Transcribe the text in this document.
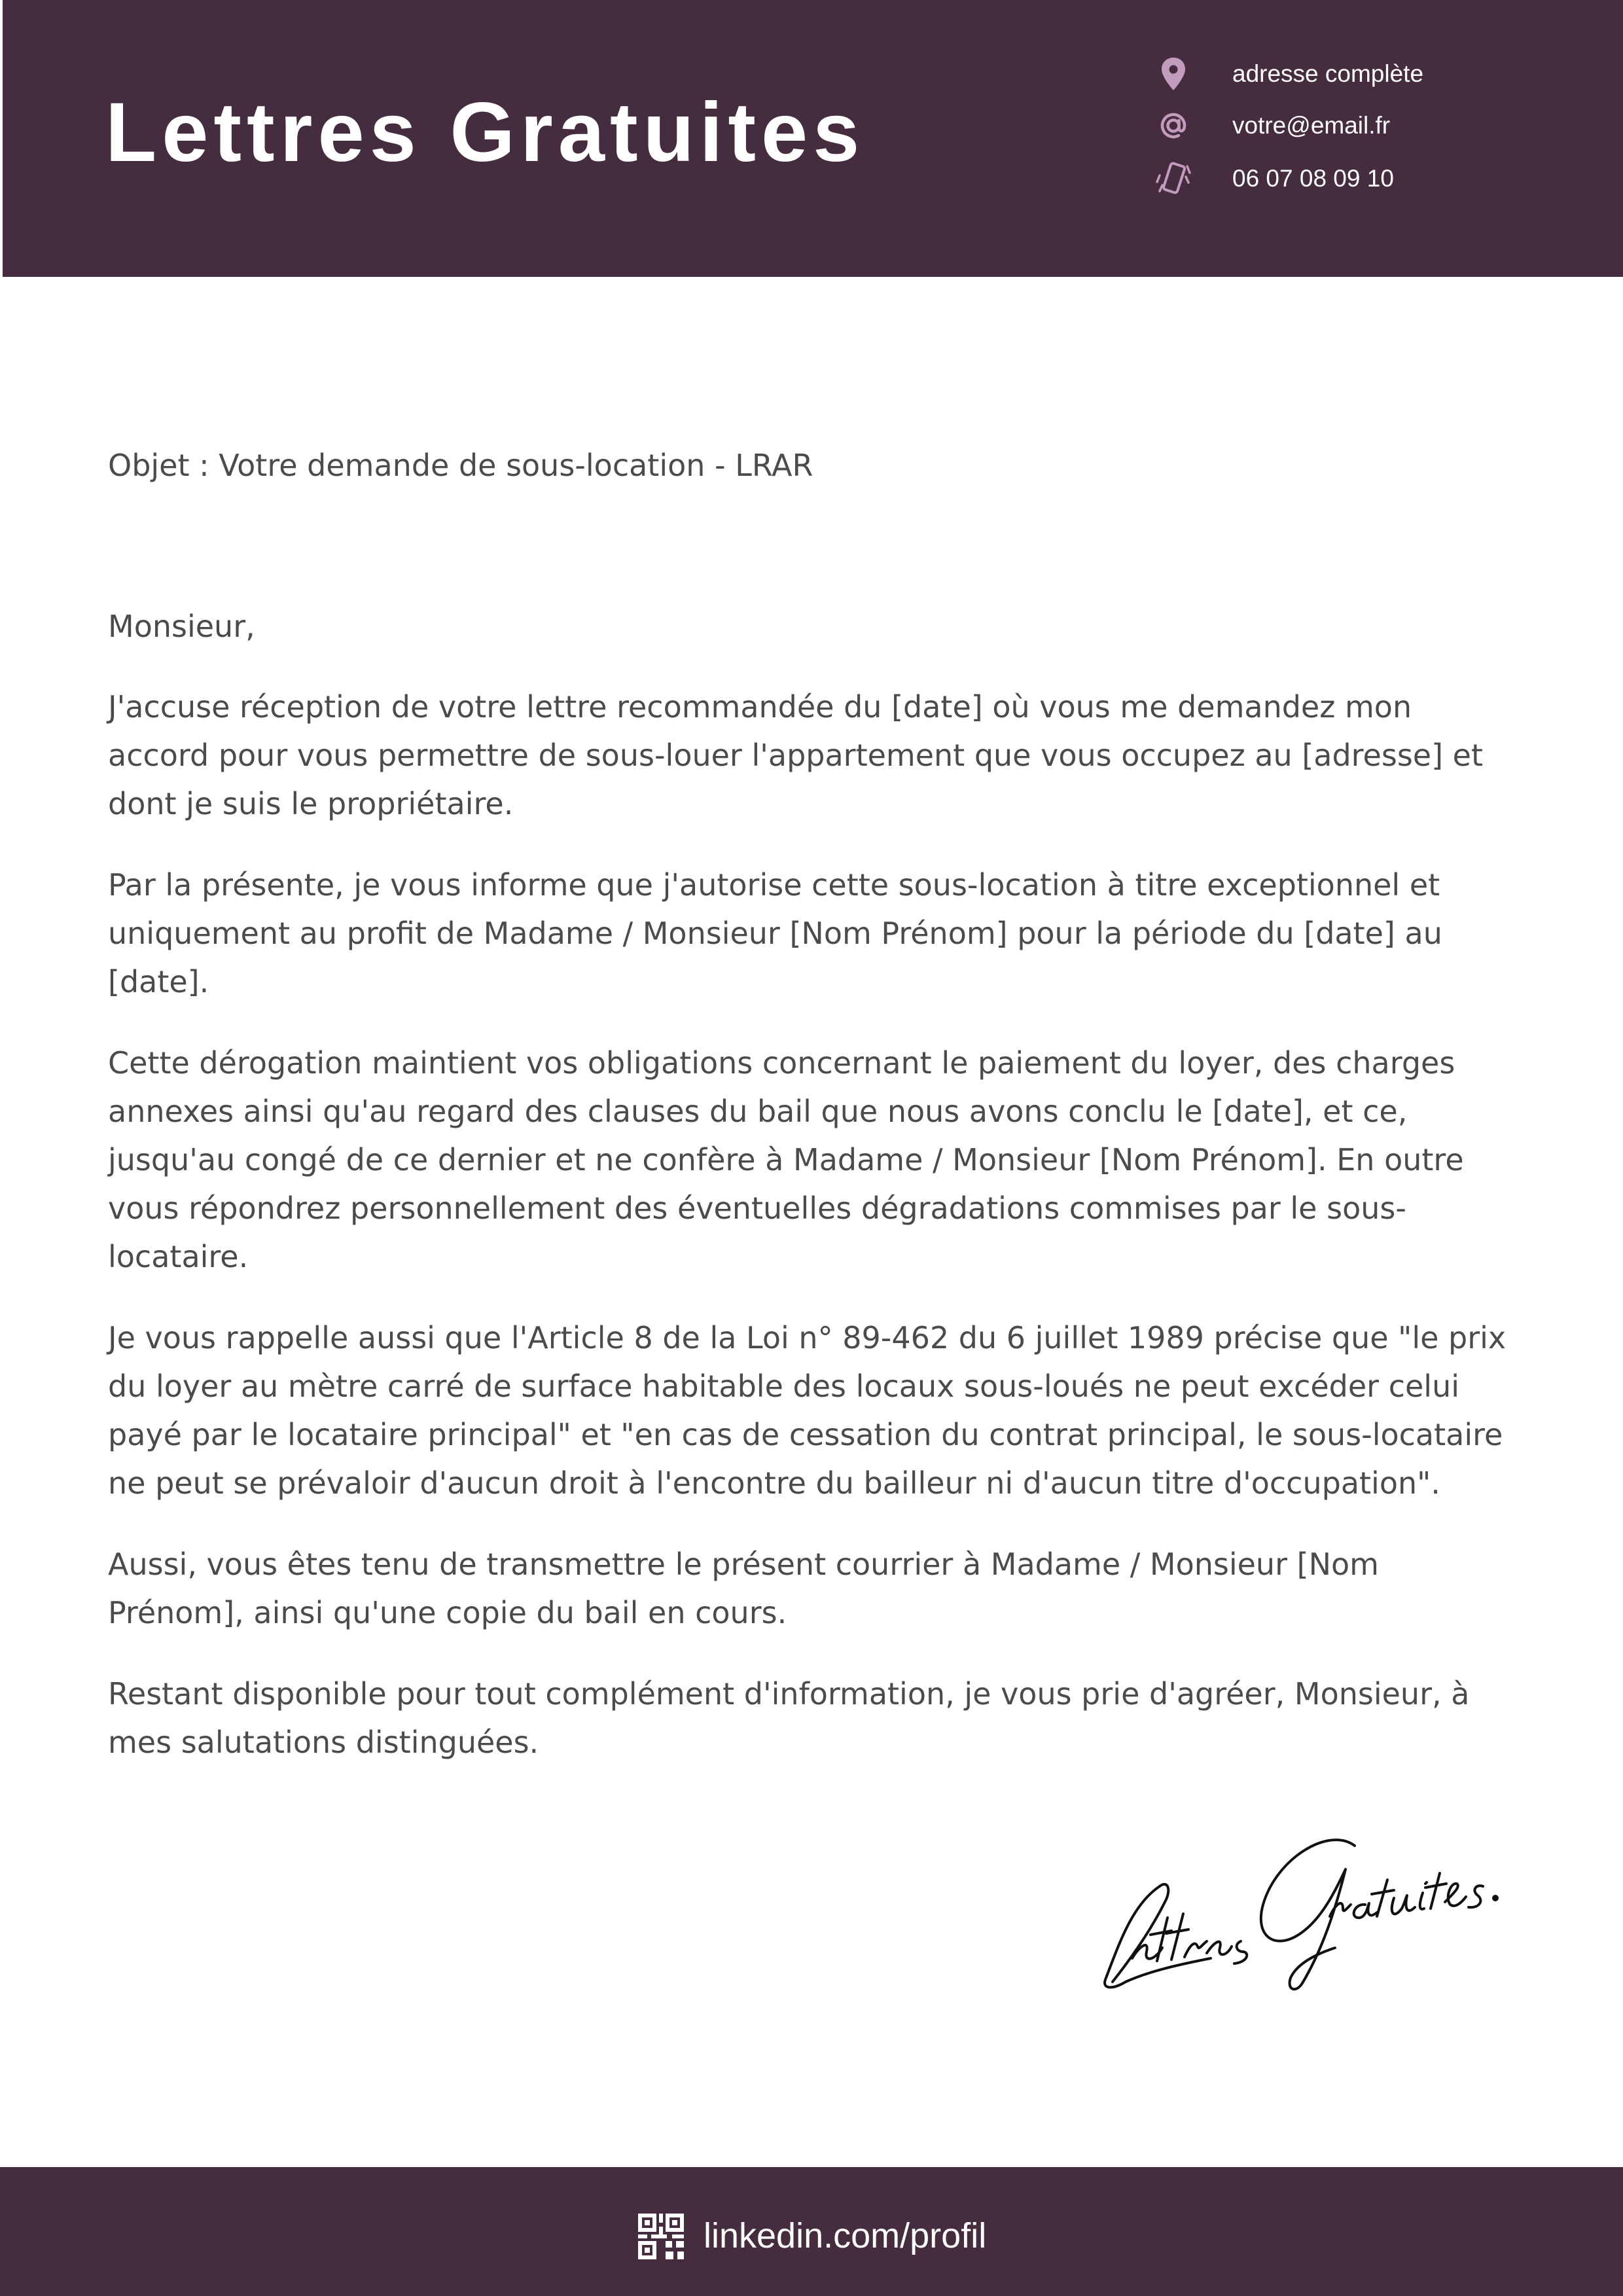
Lettres Gratuites
adresse complète
votre@email.fr
06 07 08 09 10
Objet : Votre demande de sous-location - LRAR
Monsieur,

J'accuse réception de votre lettre recommandée du [date] où vous me demandez mon accord pour vous permettre de sous-louer l'appartement que vous occupez au [adresse] et dont je suis le propriétaire.

Par la présente, je vous informe que j'autorise cette sous-location à titre exceptionnel et uniquement au profit de Madame / Monsieur [Nom Prénom] pour la période du [date] au [date].

Cette dérogation maintient vos obligations concernant le paiement du loyer, des charges annexes ainsi qu'au regard des clauses du bail que nous avons conclu le [date], et ce, jusqu'au congé de ce dernier et ne confère à Madame / Monsieur [Nom Prénom]. En outre vous répondrez personnellement des éventuelles dégradations commises par le sous-locataire.

Je vous rappelle aussi que l'Article 8 de la Loi n° 89-462 du 6 juillet 1989 précise que "le prix du loyer au mètre carré de surface habitable des locaux sous-loués ne peut excéder celui payé par le locataire principal" et "en cas de cessation du contrat principal, le sous-locataire ne peut se prévaloir d'aucun droit à l'encontre du bailleur ni d'aucun titre d'occupation".

Aussi, vous êtes tenu de transmettre le présent courrier à Madame / Monsieur [Nom Prénom], ainsi qu'une copie du bail en cours.

Restant disponible pour tout complément d'information, je vous prie d'agréer, Monsieur, à mes salutations distinguées.

linkedin.com/profil
